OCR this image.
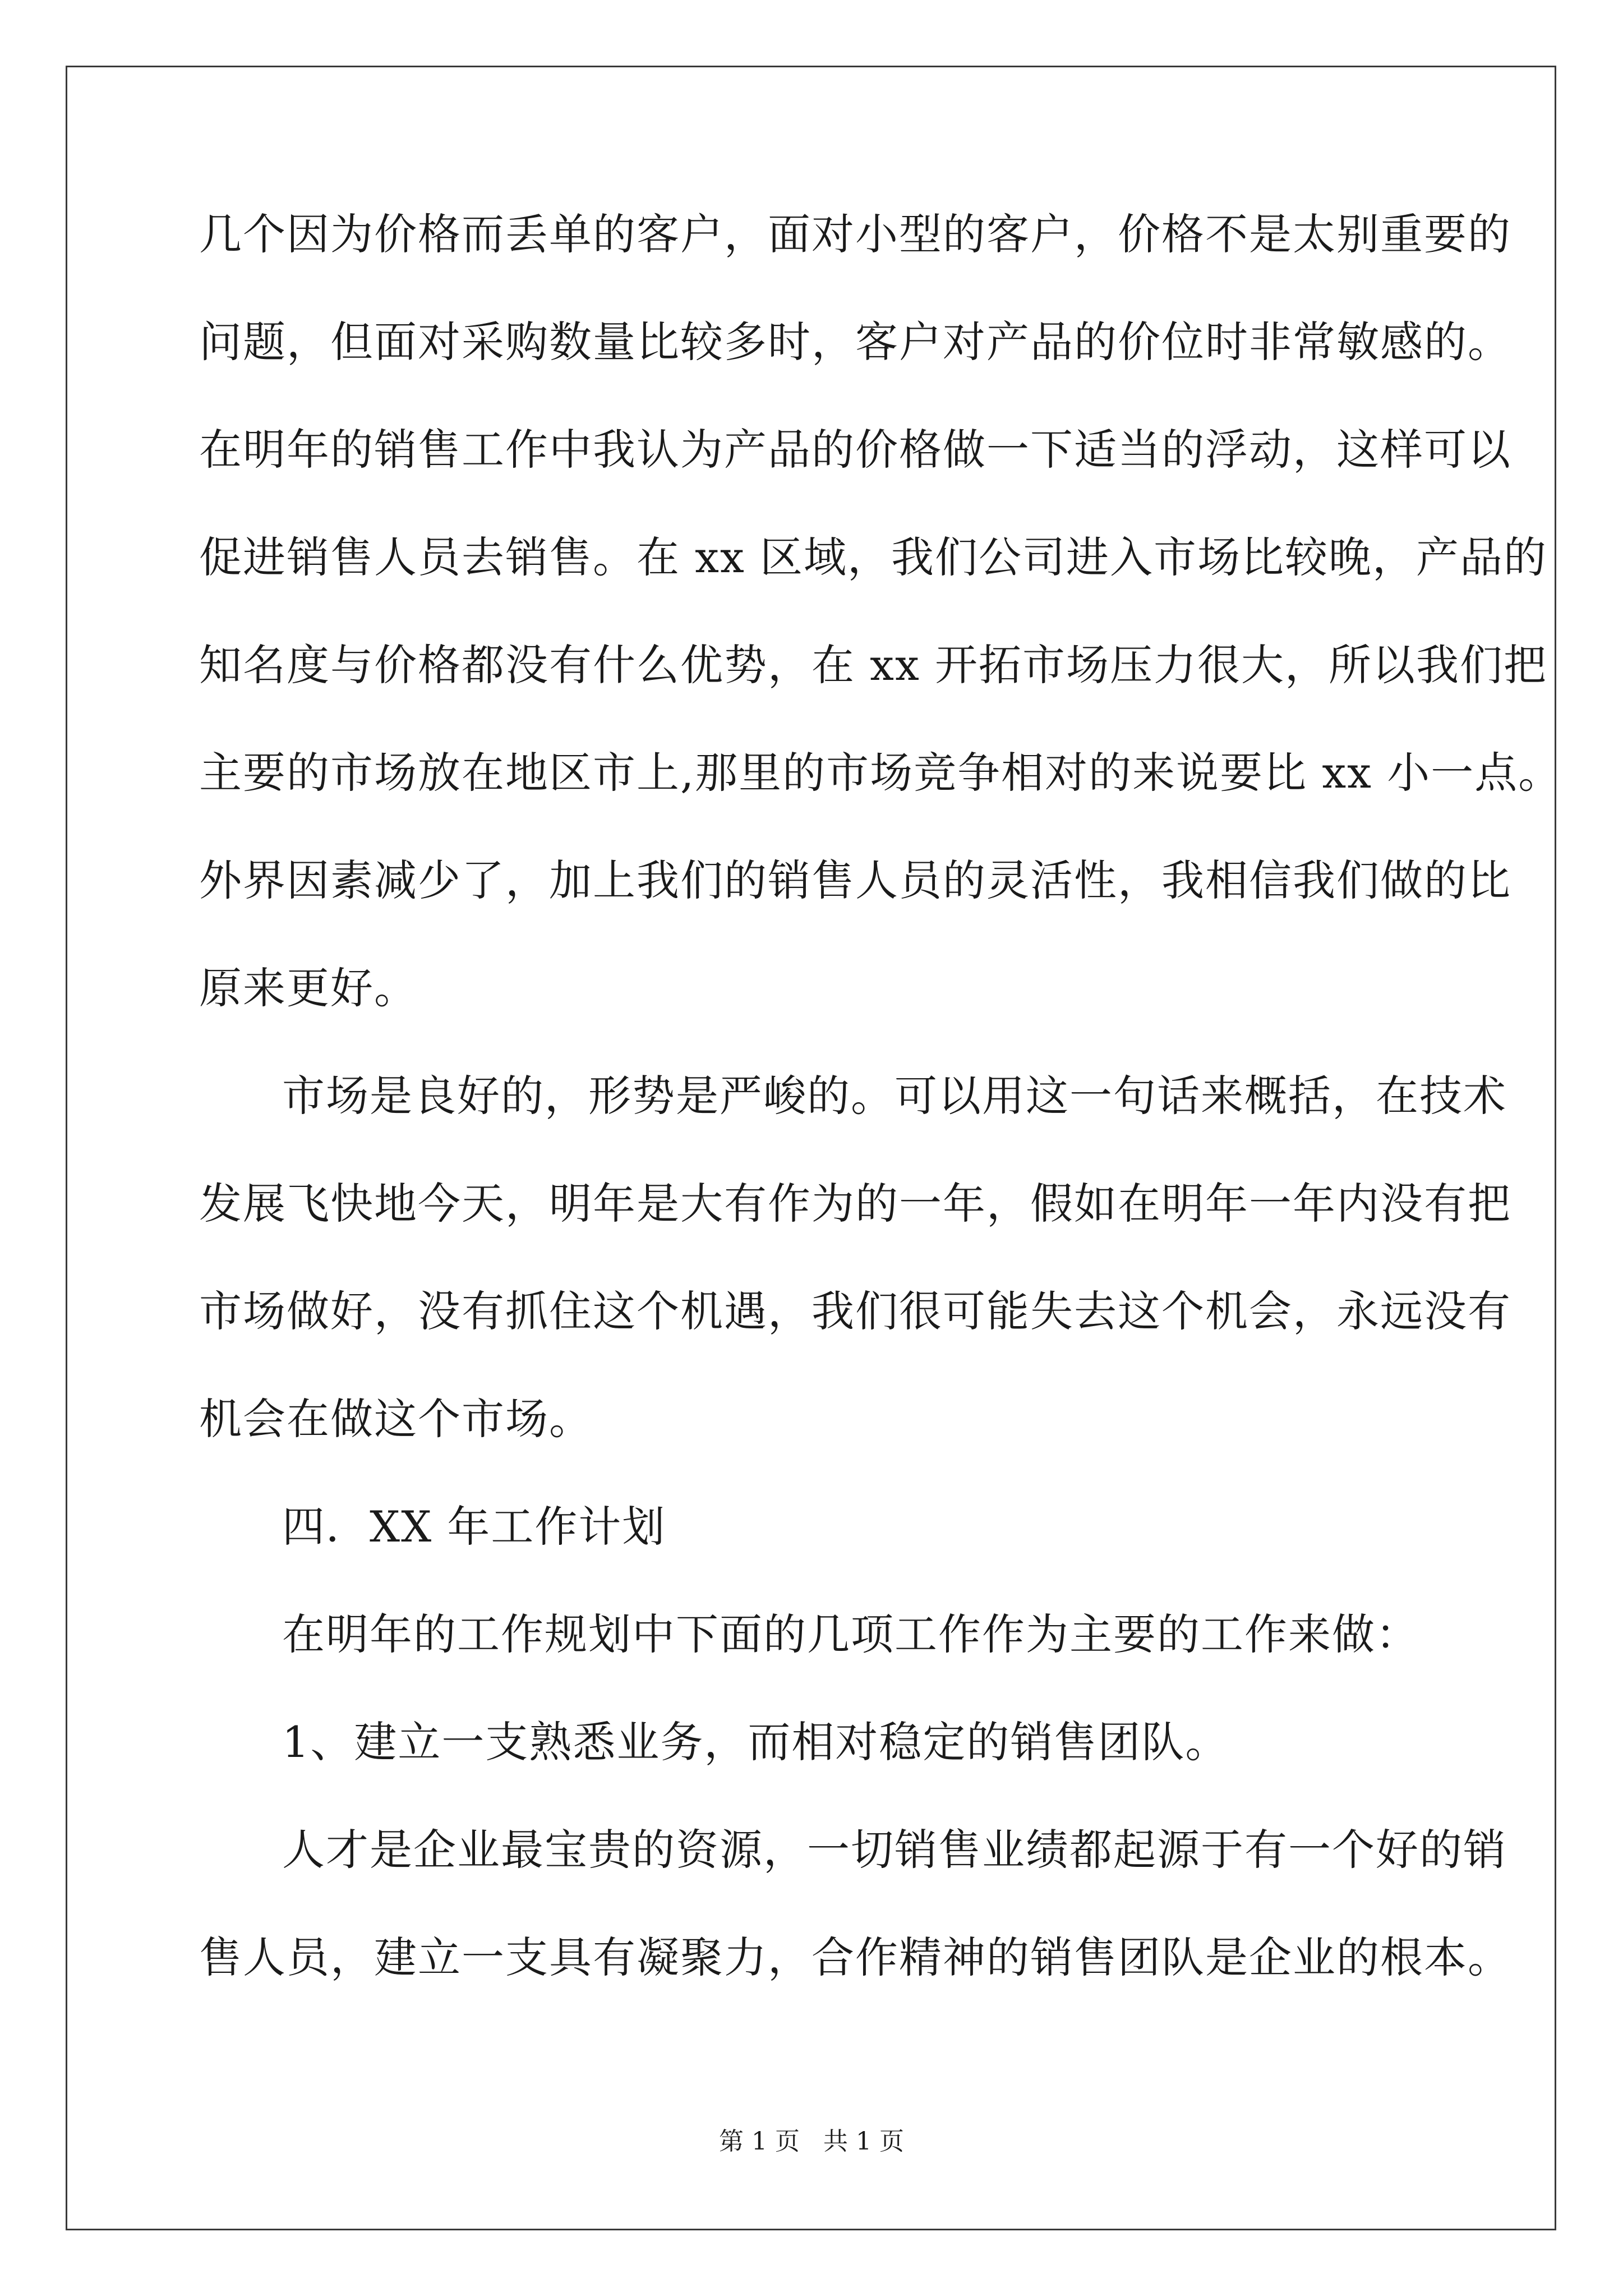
几个因为价格而丢单的客户，面对小型的客户，价格不是太别重要的
问题，但面对采购数量比较多时，客户对产品的价位时非常敏感的。
在明年的销售工作中我认为产品的价格做一下适当的浮动，这样可以
促进销售人员去销售。在 xx 区域，我们公司进入市场比较晚，产品的
知名度与价格都没有什么优势，在 xx 开拓市场压力很大，所以我们把
主要的市场放在地区市上,那里的市场竞争相对的来说要比 xx 小一点。
外界因素减少了，加上我们的销售人员的灵活性，我相信我们做的比
原来更好。
市场是良好的，形势是严峻的。可以用这一句话来概括，在技术
发展飞快地今天，明年是大有作为的一年，假如在明年一年内没有把
市场做好，没有抓住这个机遇，我们很可能失去这个机会，永远没有
机会在做这个市场。
四．XX 年工作计划
在明年的工作规划中下面的几项工作作为主要的工作来做：
1、建立一支熟悉业务，而相对稳定的销售团队。
人才是企业最宝贵的资源，一切销售业绩都起源于有一个好的销
售人员，建立一支具有凝聚力，合作精神的销售团队是企业的根本。
第 1 页   共 1 页
